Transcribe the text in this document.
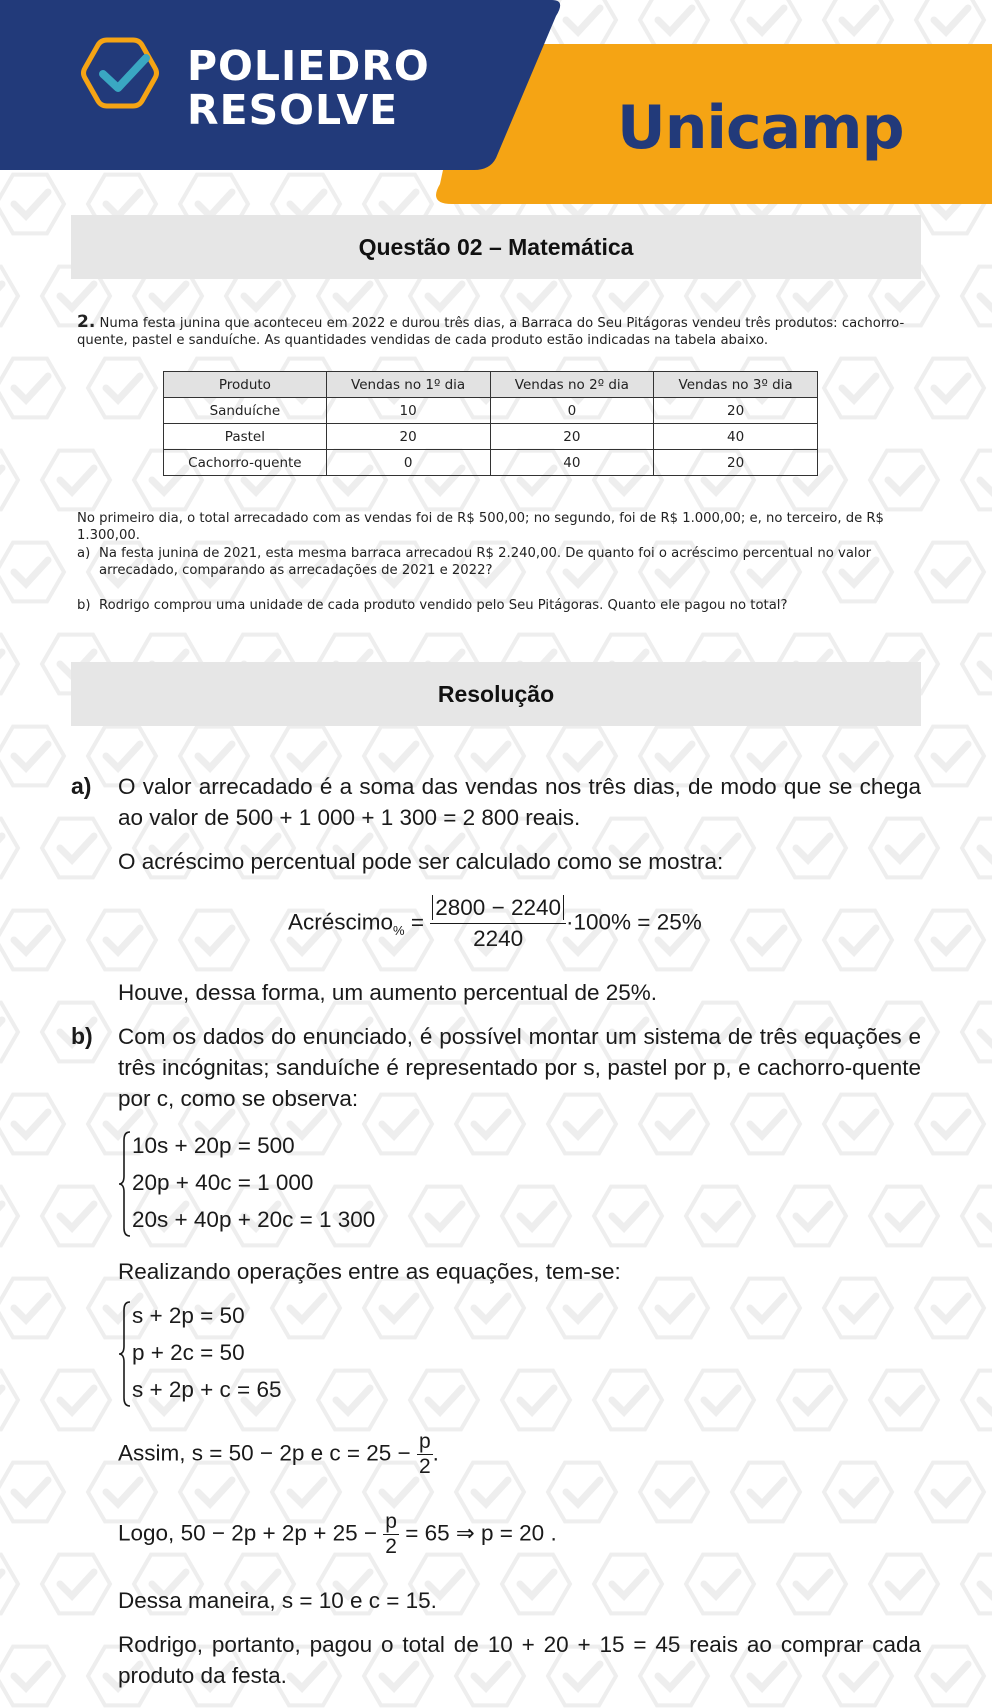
POLIEDRO
RESOLVE	Unicamp
Questão 02 – Matemática
2. Numa festa junina que aconteceu em 2022 e durou três dias, a Barraca do Seu Pitágoras vendeu três produtos: cachorro-quente, pastel e sanduíche. As quantidades vendidas de cada produto estão indicadas na tabela abaixo.
Produto	Vendas no 1º dia	Vendas no 2º dia	Vendas no 3º dia
Sanduíche	10	0	20
Pastel	20	20	40
Cachorro-quente	0	40	20
No primeiro dia, o total arrecadado com as vendas foi de R$ 500,00; no segundo, foi de R$ 1.000,00; e, no terceiro, de R$ 1.300,00.
a) Na festa junina de 2021, esta mesma barraca arrecadou R$ 2.240,00. De quanto foi o acréscimo percentual no valor arrecadado, comparando as arrecadações de 2021 e 2022?
b) Rodrigo comprou uma unidade de cada produto vendido pelo Seu Pitágoras. Quanto ele pagou no total?
Resolução
a) O valor arrecadado é a soma das vendas nos três dias, de modo que se chega ao valor de 500 + 1 000 + 1 300 = 2 800 reais.
O acréscimo percentual pode ser calculado como se mostra:
Acréscimo$_{\%}$ = $\frac{2800 - 2240}{2240} \cdot 100\% = 25\%$
Houve, dessa forma, um aumento percentual de 25%.
b) Com os dados do enunciado, é possível montar um sistema de três equações e três incógnitas; sanduíche é representado por s, pastel por p, e cachorro-quente por c, como se observa:
10s + 20p = 500
20p + 40c = 1 000
20s + 40p + 20c = 1 300
Realizando operações entre as equações, tem-se:
s + 2p = 50
p + 2c = 50
s + 2p + c = 65
Assim, s = 50 − 2p e $c = 25 - \frac{p}{2}$ .
Logo, $50 - 2p + 2p + 25 - \frac{p}{2} = 65$ ⇒ p = 20 .
Dessa maneira, s = 10 e c = 15.
Rodrigo, portanto, pagou o total de 10 + 20 + 15 = 45 reais ao comprar cada produto da festa.
